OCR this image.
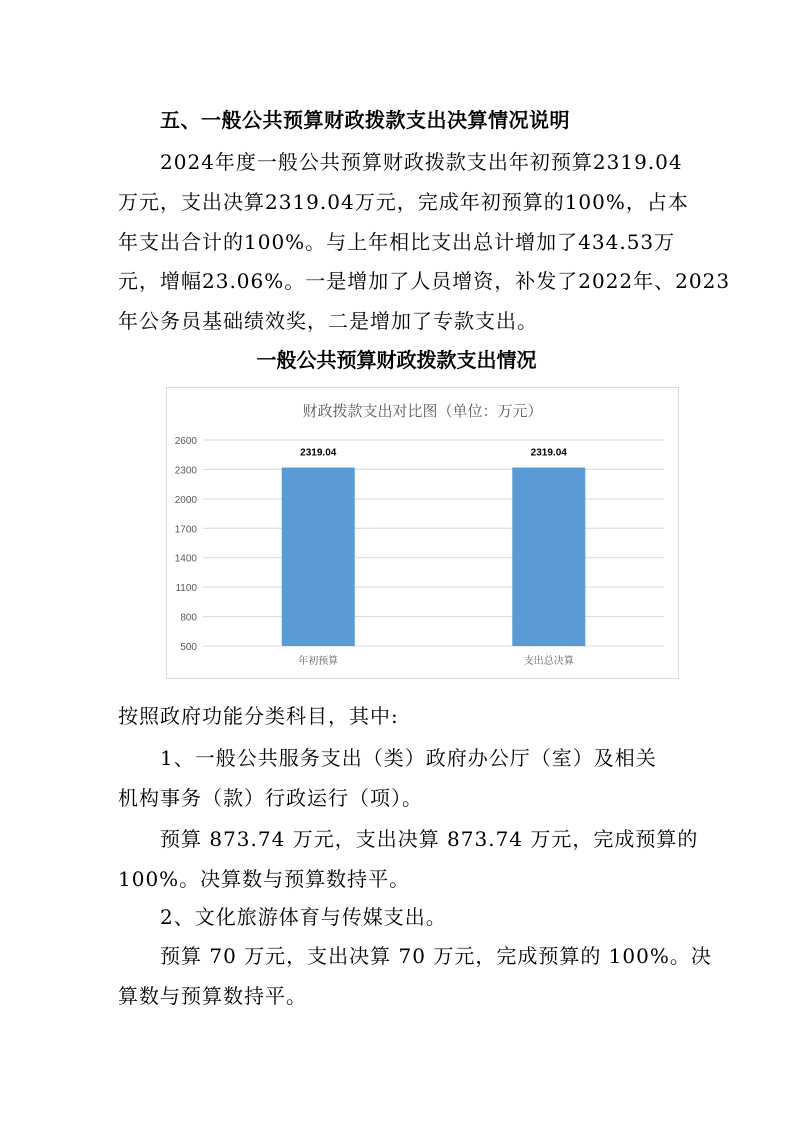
五、一般公共预算财政拨款支出决算情况说明
2024年度一般公共预算财政拨款支出年初预算2319.04
万元，支出决算2319.04万元，完成年初预算的100%，占本
年支出合计的100%。与上年相比支出总计增加了434.53万
元，增幅23.06%。一是增加了人员增资，补发了2022年、2023
年公务员基础绩效奖，二是增加了专款支出。
一般公共预算财政拨款支出情况
财政拨款支出对比图（单位：万元）
500
800
1100
1400
1700
2000
2300
2600
2319.04
年初预算
2319.04
支出总决算
按照政府功能分类科目，其中:
1、一般公共服务支出（类）政府办公厅（室）及相关
机构事务（款）行政运行（项）。
预算 873.74 万元，支出决算 873.74 万元，完成预算的
100%。决算数与预算数持平。
2、文化旅游体育与传媒支出。
预算 70 万元，支出决算 70 万元，完成预算的 100%。决
算数与预算数持平。
